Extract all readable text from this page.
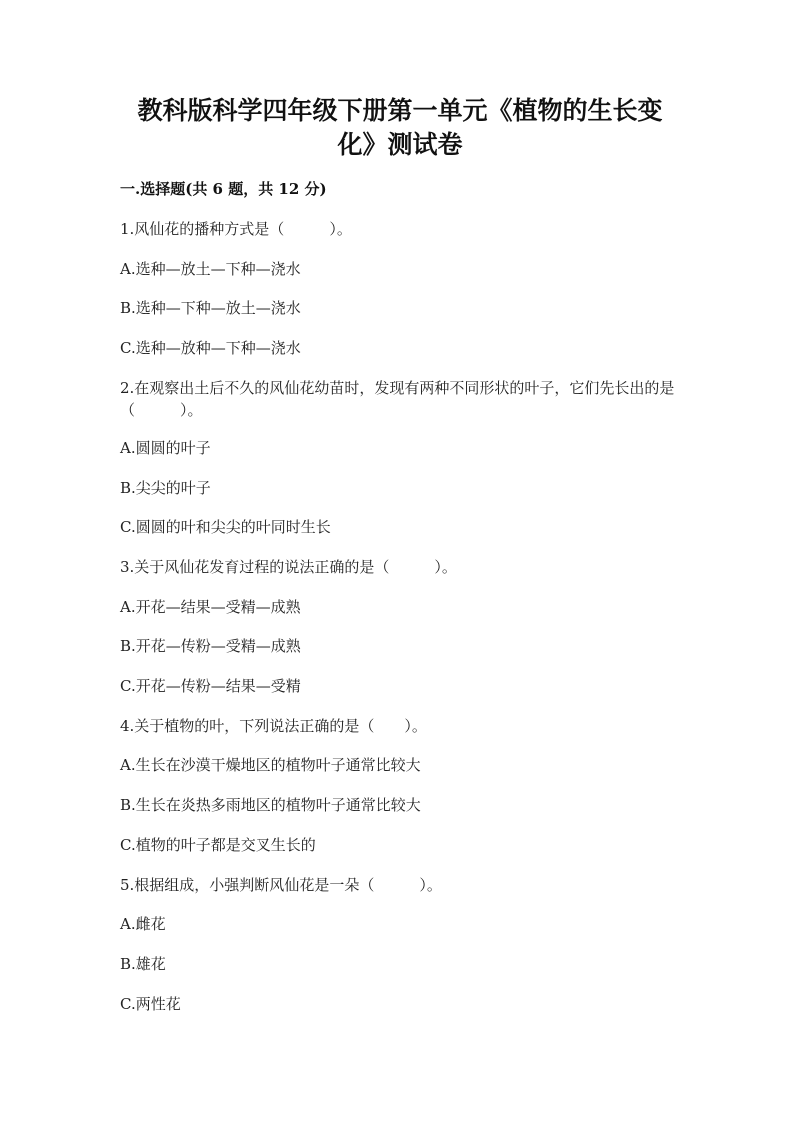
教科版科学四年级下册第一单元《植物的生长变
化》测试卷
一.选择题(共 6 题，共 12 分)
1.风仙花的播种方式是（　　　）。
A.选种—放土—下种—浇水
B.选种—下种—放土—浇水
C.选种—放种—下种—浇水
2.在观察出土后不久的风仙花幼苗时，发现有两种不同形状的叶子，它们先长出的是（　　　）。
A.圆圆的叶子
B.尖尖的叶子
C.圆圆的叶和尖尖的叶同时生长
3.关于风仙花发育过程的说法正确的是（　　　）。
A.开花—结果—受精—成熟
B.开花—传粉—受精—成熟
C.开花—传粉—结果—受精
4.关于植物的叶，下列说法正确的是（　　）。
A.生长在沙漠干燥地区的植物叶子通常比较大
B.生长在炎热多雨地区的植物叶子通常比较大
C.植物的叶子都是交叉生长的
5.根据组成，小强判断风仙花是一朵（　　　）。
A.雌花
B.雄花
C.两性花
